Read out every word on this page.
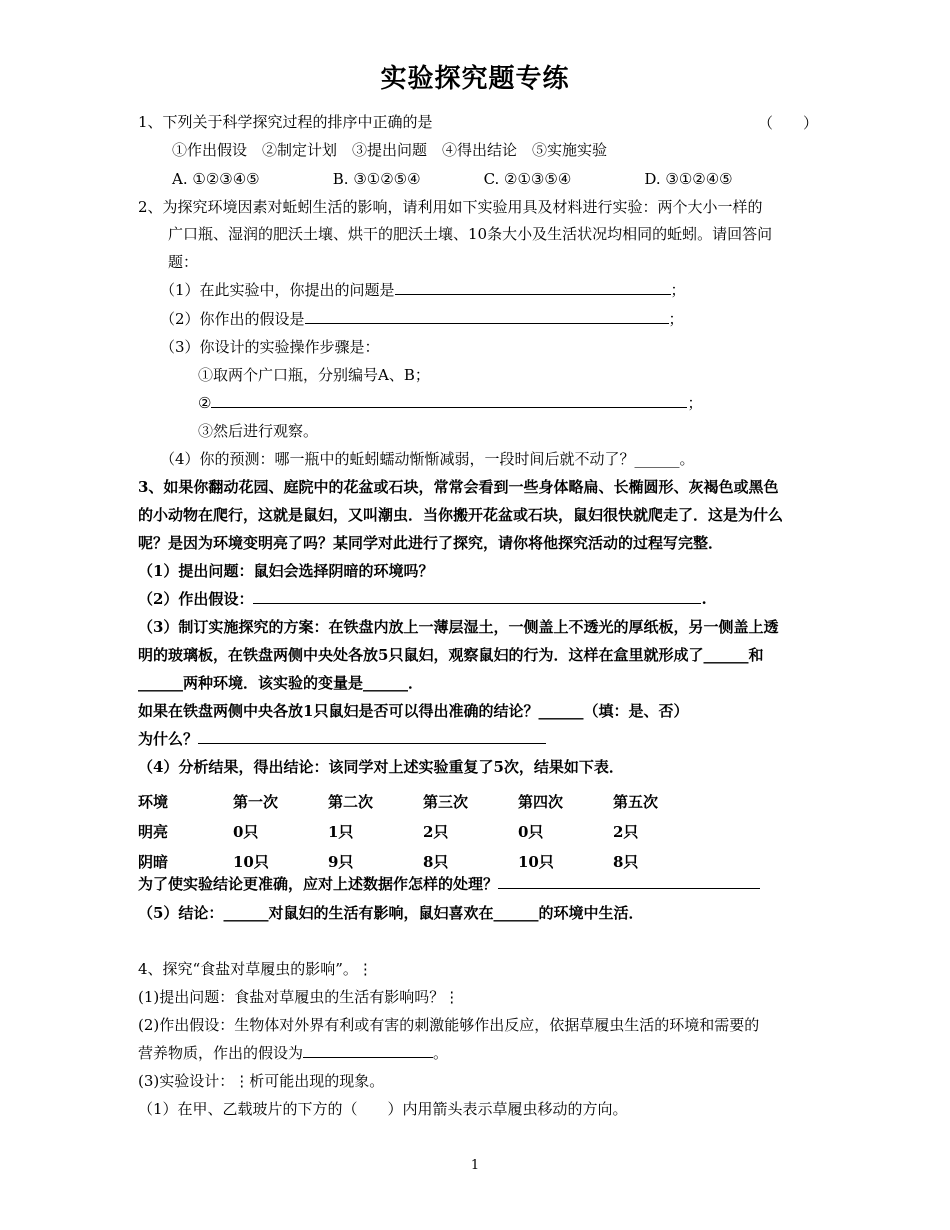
实验探究题专练
1、下列关于科学探究过程的排序中正确的是	（　　）
①作出假设　②制定计划　③提出问题　④得出结论　⑤实施实验
A. ①②③④⑤	B. ③①②⑤④	C. ②①③⑤④	D. ③①②④⑤
2、为探究环境因素对蚯蚓生活的影响，请利用如下实验用具及材料进行实验：两个大小一样的
广口瓶、湿润的肥沃土壤、烘干的肥沃土壤、10条大小及生活状况均相同的蚯蚓。请回答问
题：
（1）在此实验中，你提出的问题是	；
（2）你作出的假设是	；
（3）你设计的实验操作步骤是：
①取两个广口瓶，分别编号A、B；
②	；
③然后进行观察。
（4）你的预测：哪一瓶中的蚯蚓蠕动惭惭减弱，一段时间后就不动了？______。
3、如果你翻动花园、庭院中的花盆或石块，常常会看到一些身体略扁、长椭圆形、灰褐色或黑色
的小动物在爬行，这就是鼠妇，又叫潮虫．当你搬开花盆或石块，鼠妇很快就爬走了．这是为什么
呢？是因为环境变明亮了吗？某同学对此进行了探究，请你将他探究活动的过程写完整．
（1）提出问题：鼠妇会选择阴暗的环境吗？
（2）作出假设：	.
（3）制订实施探究的方案：在铁盘内放上一薄层湿土，一侧盖上不透光的厚纸板，另一侧盖上透
明的玻璃板，在铁盘两侧中央处各放5只鼠妇，观察鼠妇的行为．这样在盒里就形成了______和
______两种环境．该实验的变量是______．
如果在铁盘两侧中央各放1只鼠妇是否可以得出准确的结论？______（填：是、否）
为什么？
（4）分析结果，得出结论：该同学对上述实验重复了5次，结果如下表．
环境	第一次	第二次	第三次	第四次	第五次
明亮	0只	1只	2只	0只	2只
阴暗	10只	9只	8只	10只	8只
为了使实验结论更准确，应对上述数据作怎样的处理？
（5）结论：______对鼠妇的生活有影响，鼠妇喜欢在______的环境中生活．
4、探究“食盐对草履虫的影响”。⋮
(1)提出问题：食盐对草履虫的生活有影响吗？⋮
(2)作出假设：生物体对外界有利或有害的刺激能够作出反应，依据草履虫生活的环境和需要的
营养物质，作出的假设为	。
(3)实验设计：⋮析可能出现的现象。
（1）在甲、乙载玻片的下方的（　　）内用箭头表示草履虫移动的方向。
1
